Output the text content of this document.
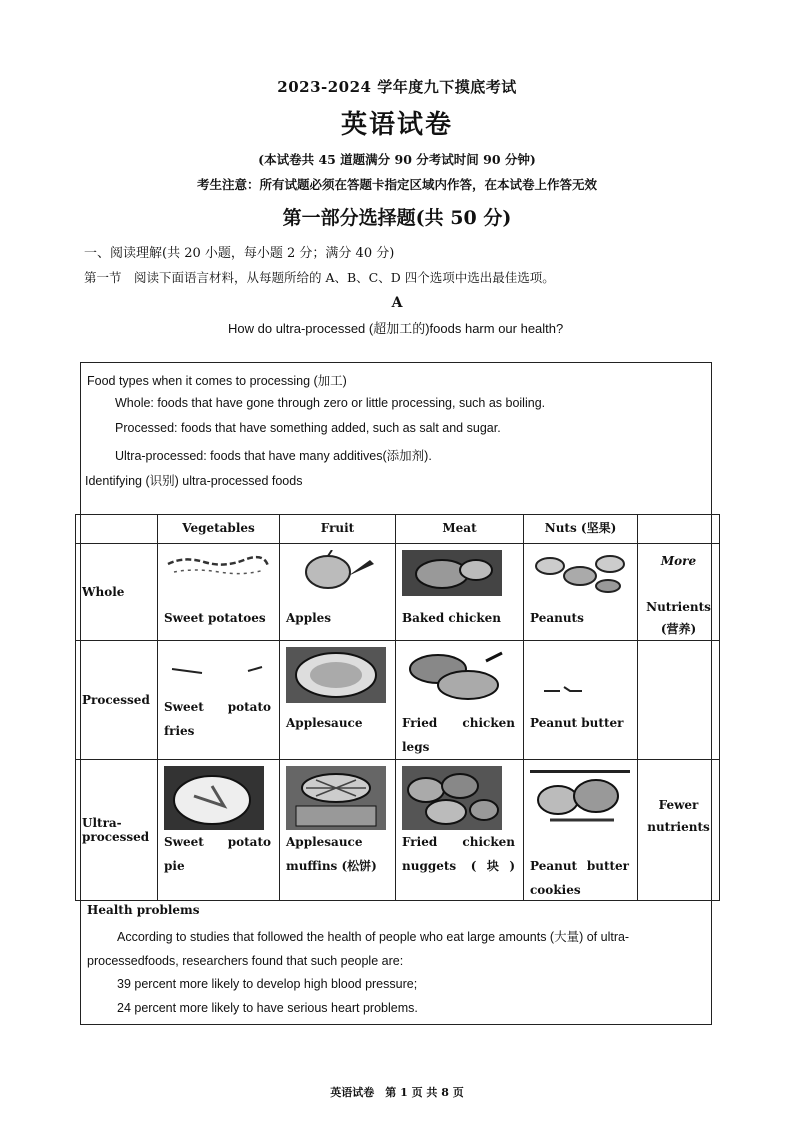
2023-2024 学年度九下摸底考试
英语试卷
(本试卷共 45 道题满分 90 分考试时间 90 分钟)
考生注意：所有试题必须在答题卡指定区域内作答，在本试卷上作答无效
第一部分选择题(共 50 分)
一、阅读理解(共 20 小题，每小题 2 分；满分 40 分)
第一节　阅读下面语言材料，从每题所给的 A、B、C、D 四个选项中选出最佳选项。
A
How do ultra-processed (超加工的)foods harm our health?
Food types when it comes to processing (加工)
Whole: foods that have gone through zero or little processing, such as boiling.
Processed: foods that have something added, such as salt and sugar.
Ultra-processed: foods that have many additives(添加剂).
Identifying (识别) ultra-processed foods
	Vegetables	Fruit	Meat	Nuts (坚果)	
Whole	Sweet potatoes	Apples	Baked chicken	Peanuts	More
Nutrients
(营养)

Processed	Sweet potato fries	Applesauce	Fried chicken legs	Peanut butter	

Ultra-processed	Sweet potato pie	Applesauce muffins (松饼)	Fried chicken nuggets (块)	Peanut butter cookies	Fewer
nutrients
Health problems
According to studies that followed the health of people who eat large amounts (大量) of ultra-processedfoods, researchers found that such people are:
39 percent more likely to develop high blood pressure;
24 percent more likely to have serious heart problems.
英语试卷　第 1 页 共 8 页
